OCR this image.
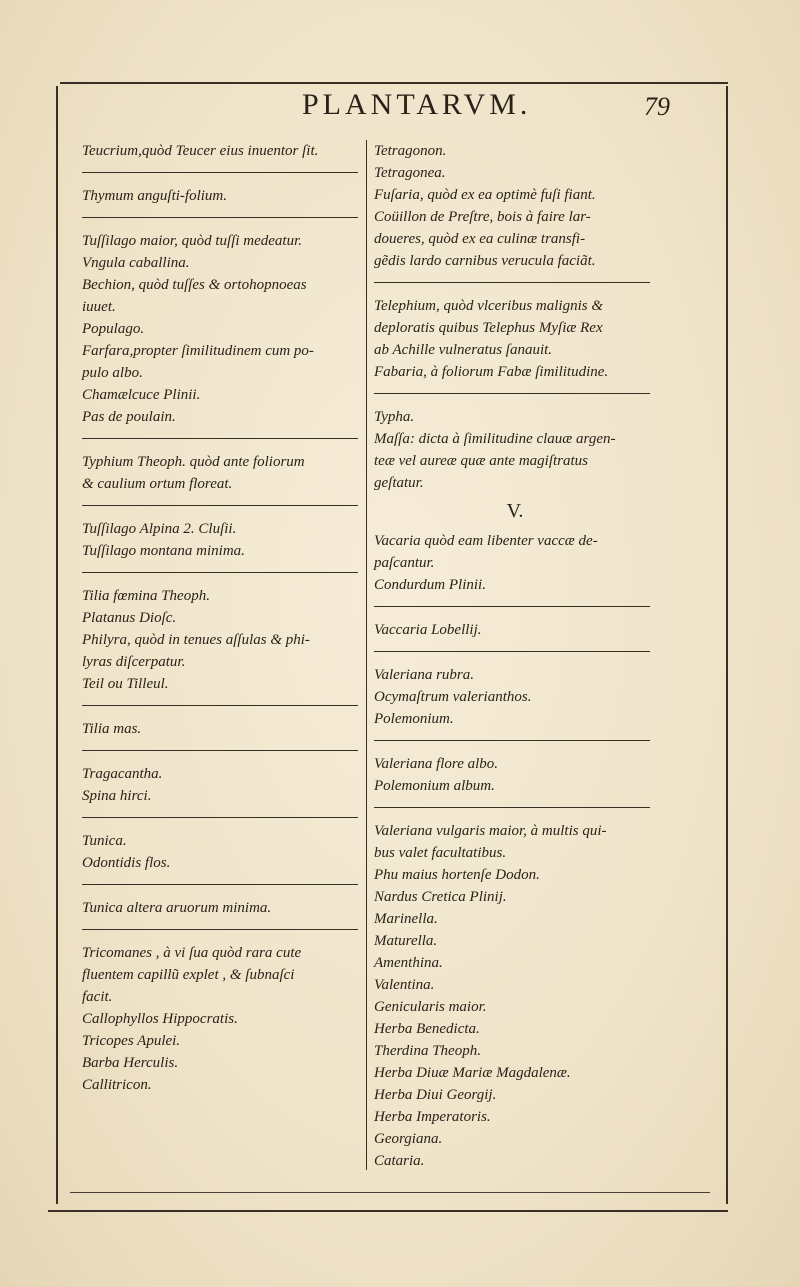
PLANTARVM.	79
Teucrium,quòd Teucer eius inuentor ſit.
Thymum anguſti-folium.
Tuſſilago maior, quòd tuſſi medeatur.
Vngula caballina.
Bechion, quòd tuſſes & ortohopnoeas
iuuet.
Populago.
Farfara,propter ſimilitudinem cum po-
pulo albo.
Chamælcuce Plinii.
Pas de poulain.
Typhium Theoph. quòd ante foliorum
& caulium ortum floreat.
Tuſſilago Alpina 2. Cluſii.
Tuſſilago montana minima.
Tilia fœmina Theoph.
Platanus Dioſc.
Philyra, quòd in tenues aſſulas & phi-
lyras diſcerpatur.
Teil ou Tilleul.
Tilia mas.
Tragacantha.
Spina hirci.
Tunica.
Odontidis flos.
Tunica altera aruorum minima.
Tricomanes , à vi ſua quòd rara cute
fluentem capillũ explet , & ſubnaſci
facit.
Callophyllos Hippocratis.
Tricopes Apulei.
Barba Herculis.
Callitricon.
Tetragonon.
Tetragonea.
Fuſaria, quòd ex ea optimè fuſi fiant.
Coüillon de Preſtre, bois à faire lar-
doueres, quòd ex ea culinæ transfi-
gẽdis lardo carnibus verucula faciãt.
Telephium, quòd vlceribus malignis &
deploratis quibus Telephus Myſiæ Rex
ab Achille vulneratus ſanauit.
Fabaria, à foliorum Fabæ ſimilitudine.
Typha.
Maſſa: dicta à ſimilitudine clauæ argen-
teæ vel aureæ quæ ante magiſtratus
geſtatur.
V.
Vacaria quòd eam libenter vaccæ de-
paſcantur.
Condurdum Plinii.
Vaccaria Lobellij.
Valeriana rubra.
Ocymaſtrum valerianthos.
Polemonium.
Valeriana flore albo.
Polemonium album.
Valeriana vulgaris maior, à multis qui-
bus valet facultatibus.
Phu maius hortenſe Dodon.
Nardus Cretica Plinij.
Marinella.
Maturella.
Amenthina.
Valentina.
Genicularis maior.
Herba Benedicta.
Therdina Theoph.
Herba Diuæ Mariæ Magdalenæ.
Herba Diui Georgij.
Herba Imperatoris.
Georgiana.
Cataria.
